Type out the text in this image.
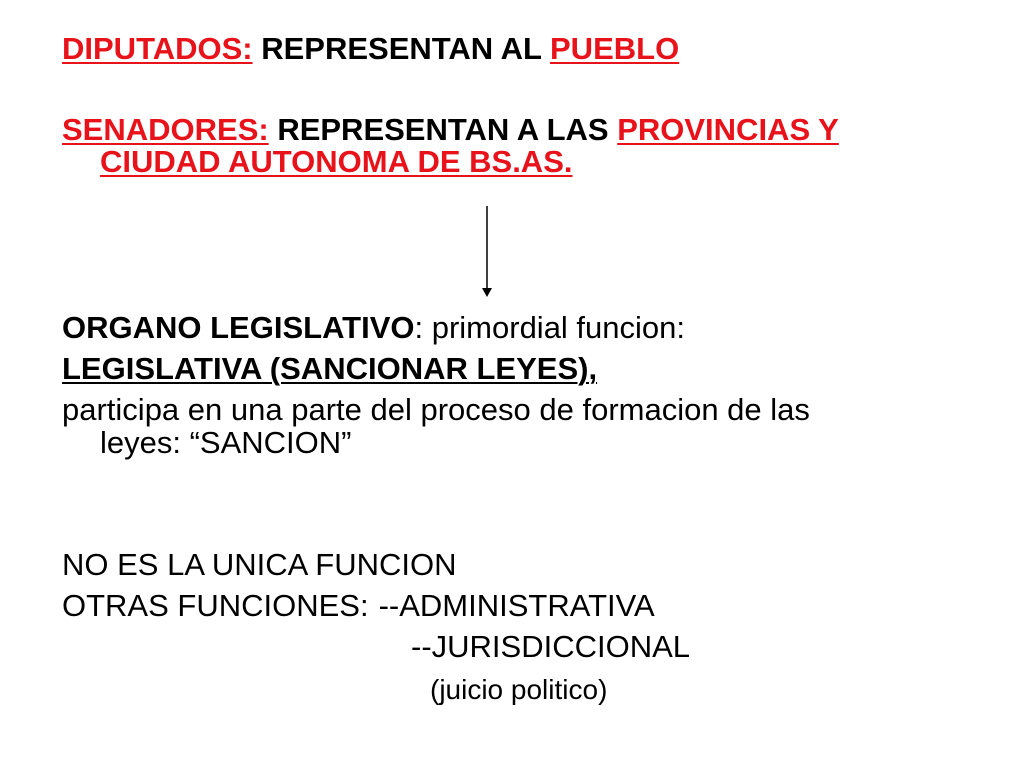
DIPUTADOS: REPRESENTAN AL PUEBLO
SENADORES: REPRESENTAN A LAS PROVINCIAS Y
CIUDAD AUTONOMA DE BS.AS.
ORGANO LEGISLATIVO: primordial funcion:
LEGISLATIVA (SANCIONAR LEYES),
participa en una parte del proceso de formacion de las
leyes: “SANCION”
NO ES LA UNICA FUNCION
OTRAS FUNCIONES: --ADMINISTRATIVA
--JURISDICCIONAL
(juicio politico)
